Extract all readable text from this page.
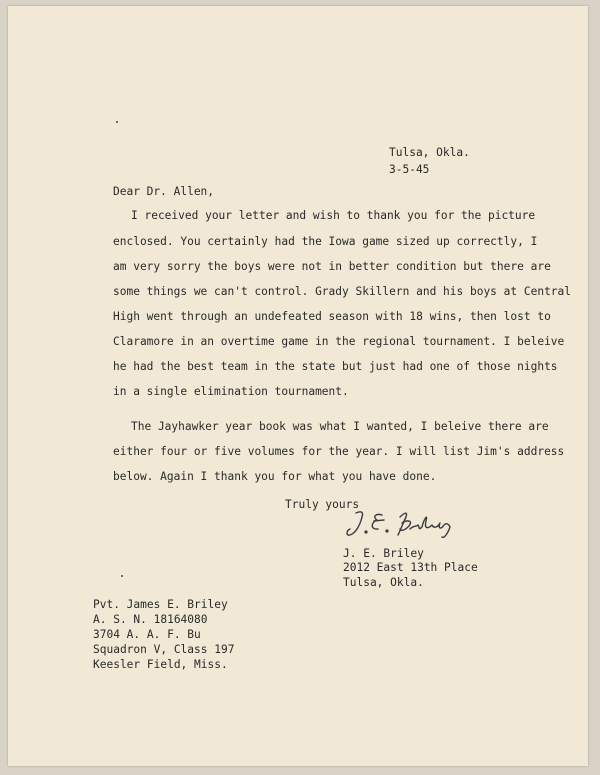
Tulsa, Okla.
3-5-45
Dear Dr. Allen,
I received your letter and wish to thank you for the picture
enclosed. You certainly had the Iowa game sized up correctly, I
am very sorry the boys were not in better condition but there are
some things we can't control. Grady Skillern and his boys at Central
High went through an undefeated season with 18 wins, then lost to
Claramore in an overtime game in the regional tournament. I beleive
he had the best team in the state but just had one of those nights
in a single elimination tournament.
The Jayhawker year book was what I wanted, I beleive there are
either four or five volumes for the year. I will list Jim's address
below. Again I thank you for what you have done.
Truly yours
J. E. Briley
2012 East 13th Place
Tulsa, Okla.
Pvt. James E. Briley
A. S. N. 18164080
3704 A. A. F. Bu
Squadron V, Class 197
Keesler Field, Miss.
